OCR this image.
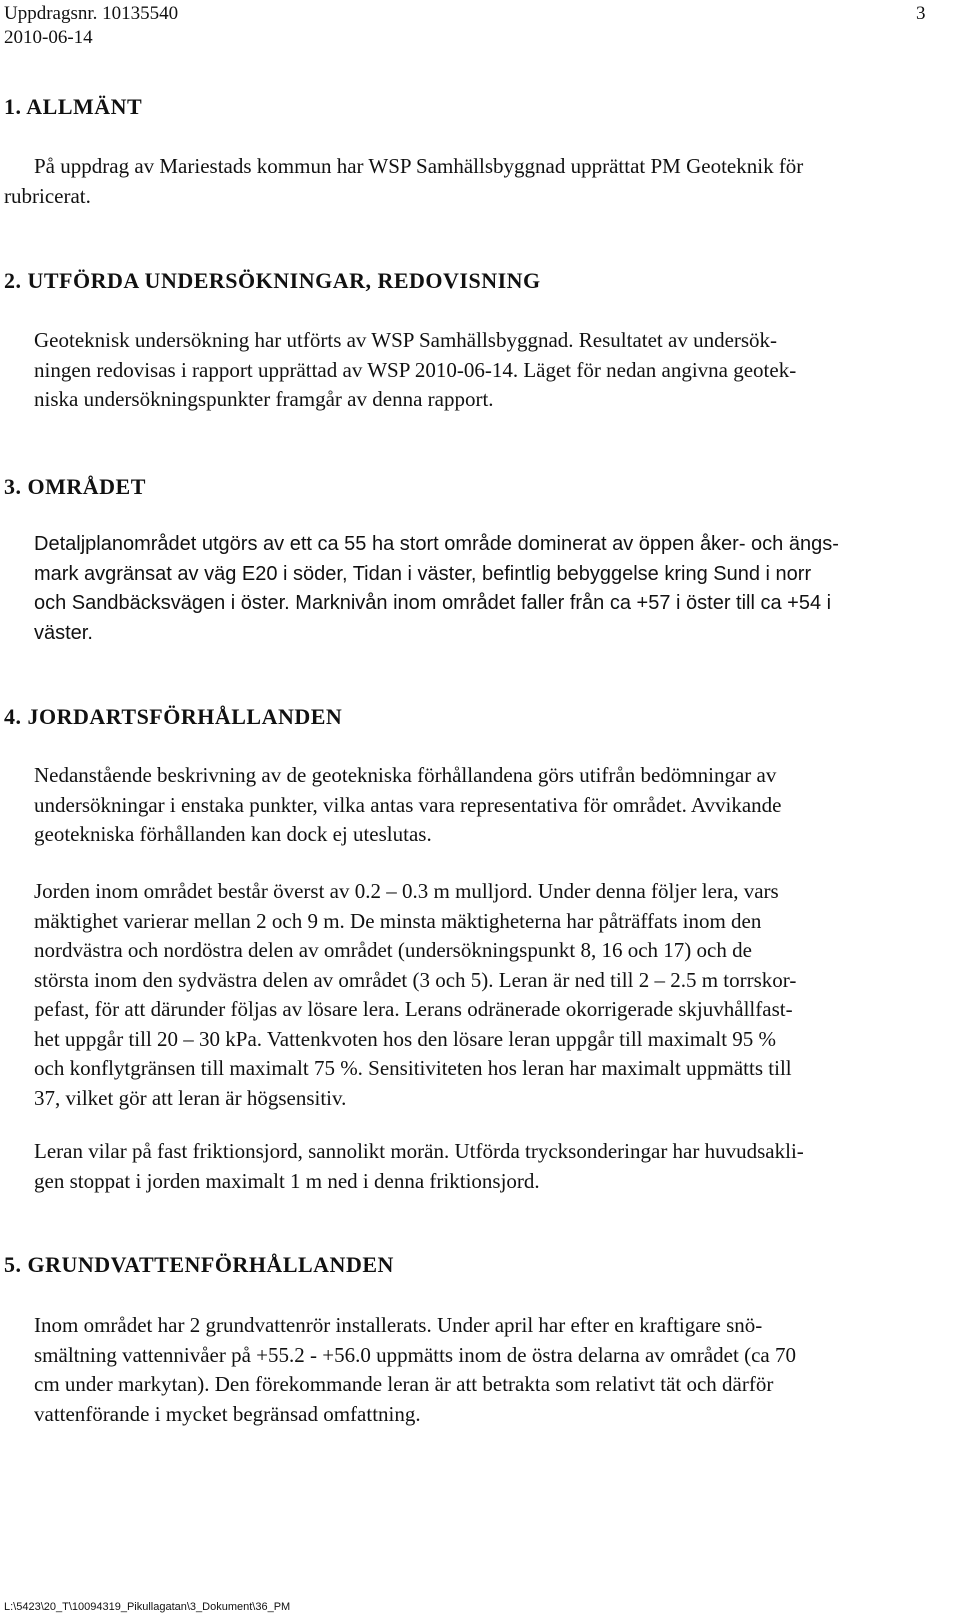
Uppdragsnr. 10135540
2010-06-14
3
1. ALLMÄNT
På uppdrag av Mariestads kommun har WSP Samhällsbyggnad upprättat PM Geoteknik för
rubricerat.
2. UTFÖRDA UNDERSÖKNINGAR, REDOVISNING
Geoteknisk undersökning har utförts av WSP Samhällsbyggnad. Resultatet av undersök-
ningen redovisas i rapport upprättad av WSP 2010-06-14. Läget för nedan angivna geotek-
niska undersökningspunkter framgår av denna rapport.
3. OMRÅDET
Detaljplanområdet utgörs av ett ca 55 ha stort område dominerat av öppen åker- och ängs-
mark avgränsat av väg E20 i söder, Tidan i väster, befintlig bebyggelse kring Sund i norr
och Sandbäcksvägen i öster. Marknivån inom området faller från ca +57 i öster till ca +54 i
väster.
4. JORDARTSFÖRHÅLLANDEN
Nedanstående beskrivning av de geotekniska förhållandena görs utifrån bedömningar av
undersökningar i enstaka punkter, vilka antas vara representativa för området. Avvikande
geotekniska förhållanden kan dock ej uteslutas.
Jorden inom området består överst av 0.2 – 0.3 m mulljord. Under denna följer lera, vars
mäktighet varierar mellan 2 och 9 m. De minsta mäktigheterna har påträffats inom den
nordvästra och nordöstra delen av området (undersökningspunkt 8, 16 och 17) och de
största inom den sydvästra delen av området (3 och 5). Leran är ned till 2 – 2.5 m torrskor-
pefast, för att därunder följas av lösare lera. Lerans odränerade okorrigerade skjuvhållfast-
het uppgår till 20 – 30 kPa. Vattenkvoten hos den lösare leran uppgår till maximalt 95 %
och konflytgränsen till maximalt 75 %. Sensitiviteten hos leran har maximalt uppmätts till
37, vilket gör att leran är högsensitiv.
Leran vilar på fast friktionsjord, sannolikt morän. Utförda trycksonderingar har huvudsakli-
gen stoppat i jorden maximalt 1 m ned i denna friktionsjord.
5. GRUNDVATTENFÖRHÅLLANDEN
Inom området har 2 grundvattenrör installerats. Under april har efter en kraftigare snö-
smältning vattennivåer på +55.2 - +56.0 uppmätts inom de östra delarna av området (ca 70
cm under markytan). Den förekommande leran är att betrakta som relativt tät och därför
vattenförande i mycket begränsad omfattning.
L:\5423\20_T\10094319_Pikullagatan\3_Dokument\36_PM
